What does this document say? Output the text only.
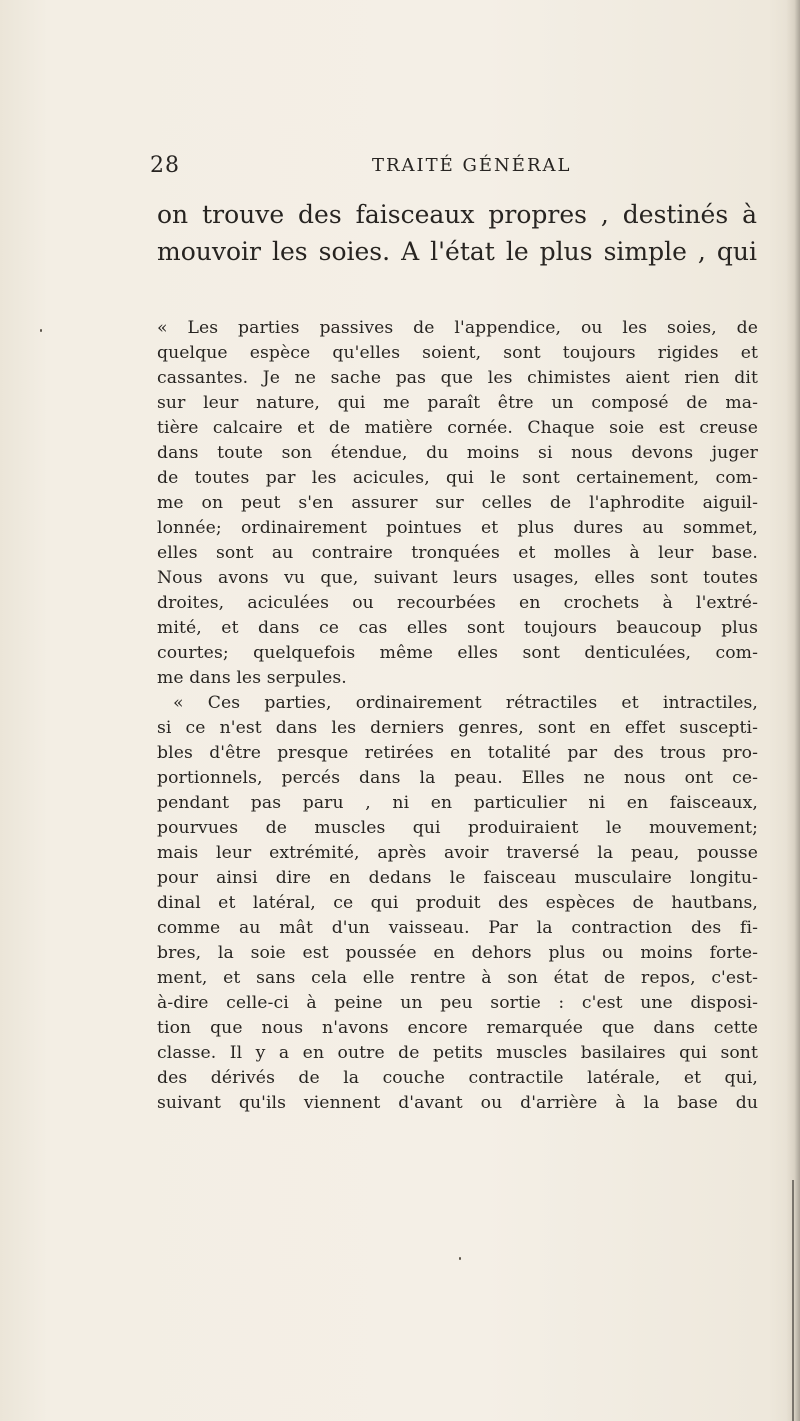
28	TRAITÉ GÉNÉRAL
on trouve des faisceaux propres , destinés à
mouvoir les soies. A l'état le plus simple , qui
« Les parties passives de l'appendice, ou les soies, de
quelque espèce qu'elles soient, sont toujours rigides et
cassantes. Je ne sache pas que les chimistes aient rien dit
sur leur nature, qui me paraît être un composé de ma-
tière calcaire et de matière cornée. Chaque soie est creuse
dans toute son étendue, du moins si nous devons juger
de toutes par les acicules, qui le sont certainement, com-
me on peut s'en assurer sur celles de l'aphrodite aiguil-
lonnée; ordinairement pointues et plus dures au sommet,
elles sont au contraire tronquées et molles à leur base.
Nous avons vu que, suivant leurs usages, elles sont toutes
droites, aciculées ou recourbées en crochets à l'extré-
mité, et dans ce cas elles sont toujours beaucoup plus
courtes; quelquefois même elles sont denticulées, com-
me dans les serpules.
« Ces parties, ordinairement rétractiles et intractiles,
si ce n'est dans les derniers genres, sont en effet suscepti-
bles d'être presque retirées en totalité par des trous pro-
portionnels, percés dans la peau. Elles ne nous ont ce-
pendant pas paru , ni en particulier ni en faisceaux,
pourvues de muscles qui produiraient le mouvement;
mais leur extrémité, après avoir traversé la peau, pousse
pour ainsi dire en dedans le faisceau musculaire longitu-
dinal et latéral, ce qui produit des espèces de hautbans,
comme au mât d'un vaisseau. Par la contraction des fi-
bres, la soie est poussée en dehors plus ou moins forte-
ment, et sans cela elle rentre à son état de repos, c'est-
à-dire celle-ci à peine un peu sortie : c'est une disposi-
tion que nous n'avons encore remarquée que dans cette
classe. Il y a en outre de petits muscles basilaires qui sont
des dérivés de la couche contractile latérale, et qui,
suivant qu'ils viennent d'avant ou d'arrière à la base du
